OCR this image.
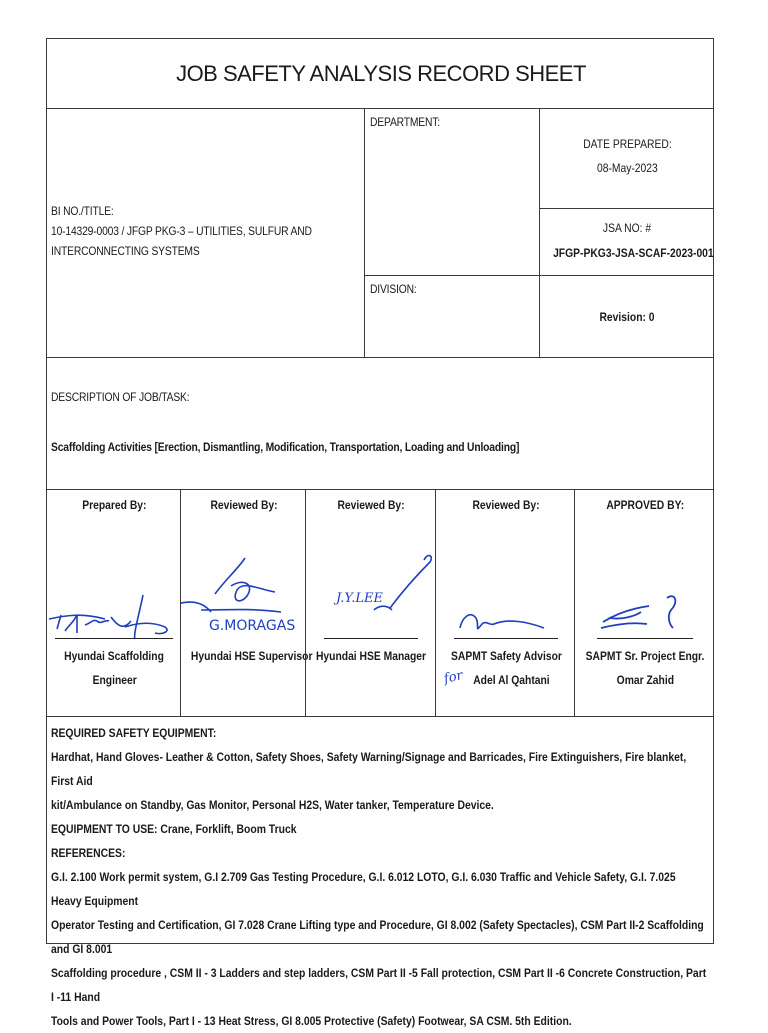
JOB SAFETY ANALYSIS RECORD SHEET
BI NO./TITLE:
10-14329-0003 / JFGP PKG-3 – UTILITIES, SULFUR AND
INTERCONNECTING SYSTEMS
DEPARTMENT:
DIVISION:
DATE PREPARED:
08-May-2023
JSA NO: #
JFGP-PKG3-JSA-SCAF-2023-001
Revision: 0
DESCRIPTION OF JOB/TASK:
Scaffolding Activities [Erection, Dismantling, Modification, Transportation, Loading and Unloading]
Prepared By:
Hyundai Scaffolding
Engineer
Reviewed By:
G.MORAGAS
Hyundai HSE Supervisor
Reviewed By:
J.Y.LEE
Hyundai HSE Manager
Reviewed By:
SAPMT Safety Advisor
Adel Al Qahtani
for
APPROVED BY:
SAPMT Sr. Project Engr.
Omar Zahid

REQUIRED SAFETY EQUIPMENT:

Hardhat, Hand Gloves- Leather & Cotton, Safety Shoes, Safety Warning/Signage and Barricades, Fire Extinguishers, Fire blanket, First Aid

kit/Ambulance on Standby, Gas Monitor, Personal H2S, Water tanker, Temperature Device.

EQUIPMENT TO USE: Crane, Forklift, Boom Truck

REFERENCES:

G.I. 2.100 Work permit system, G.I 2.709 Gas Testing Procedure, G.I. 6.012 LOTO, G.I. 6.030 Traffic and Vehicle Safety, G.I. 7.025 Heavy Equipment

Operator Testing and Certification, GI 7.028 Crane Lifting type and Procedure, GI 8.002 (Safety Spectacles), CSM Part II-2 Scaffolding and GI 8.001

Scaffolding procedure , CSM II - 3 Ladders and step ladders, CSM Part II -5 Fall protection, CSM Part II -6 Concrete Construction, Part I -11 Hand

Tools and Power Tools, Part I - 13 Heat Stress, GI 8.005 Protective (Safety) Footwear, SA CSM. 5th Edition.
